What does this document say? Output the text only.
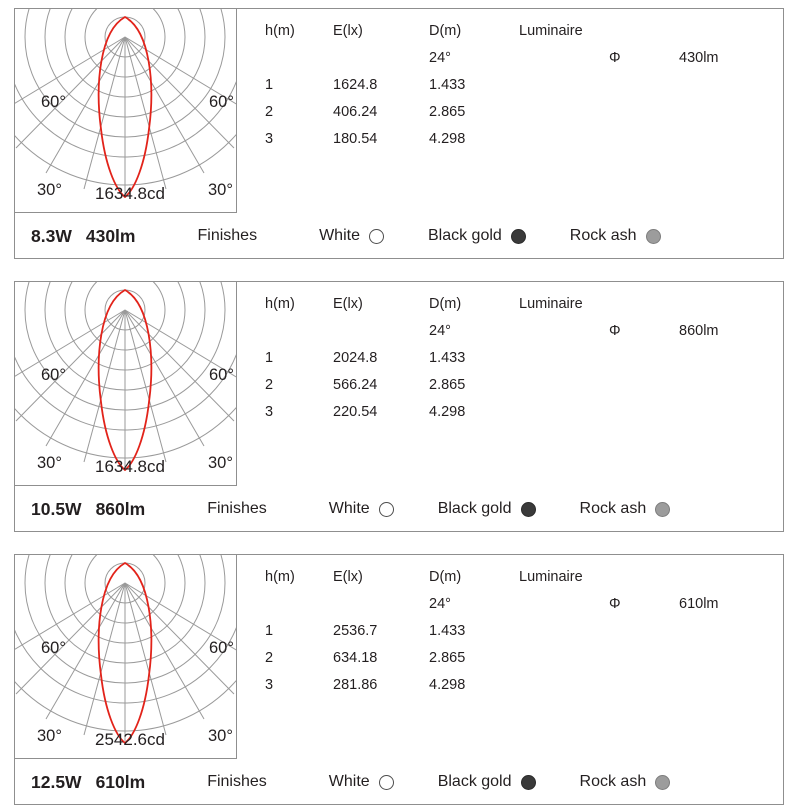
60°	60°
30°	30°
1634.8cd
h(m)	E(lx)	D(m)	Luminaire		
		24°		Φ	430lm
1	1624.8	1.433			
2	406.24	2.865			
3	180.54	4.298			
8.3W 430lm	Finishes	White	Black gold	Rock ash
60°	60°
30°	30°
1634.8cd
h(m)	E(lx)	D(m)	Luminaire		
		24°		Φ	860lm
1	2024.8	1.433			
2	566.24	2.865			
3	220.54	4.298			
10.5W 860lm	Finishes	White	Black gold	Rock ash
60°	60°
30°	30°
2542.6cd
h(m)	E(lx)	D(m)	Luminaire		
		24°		Φ	610lm
1	2536.7	1.433			
2	634.18	2.865			
3	281.86	4.298			
12.5W 610lm	Finishes	White	Black gold	Rock ash
